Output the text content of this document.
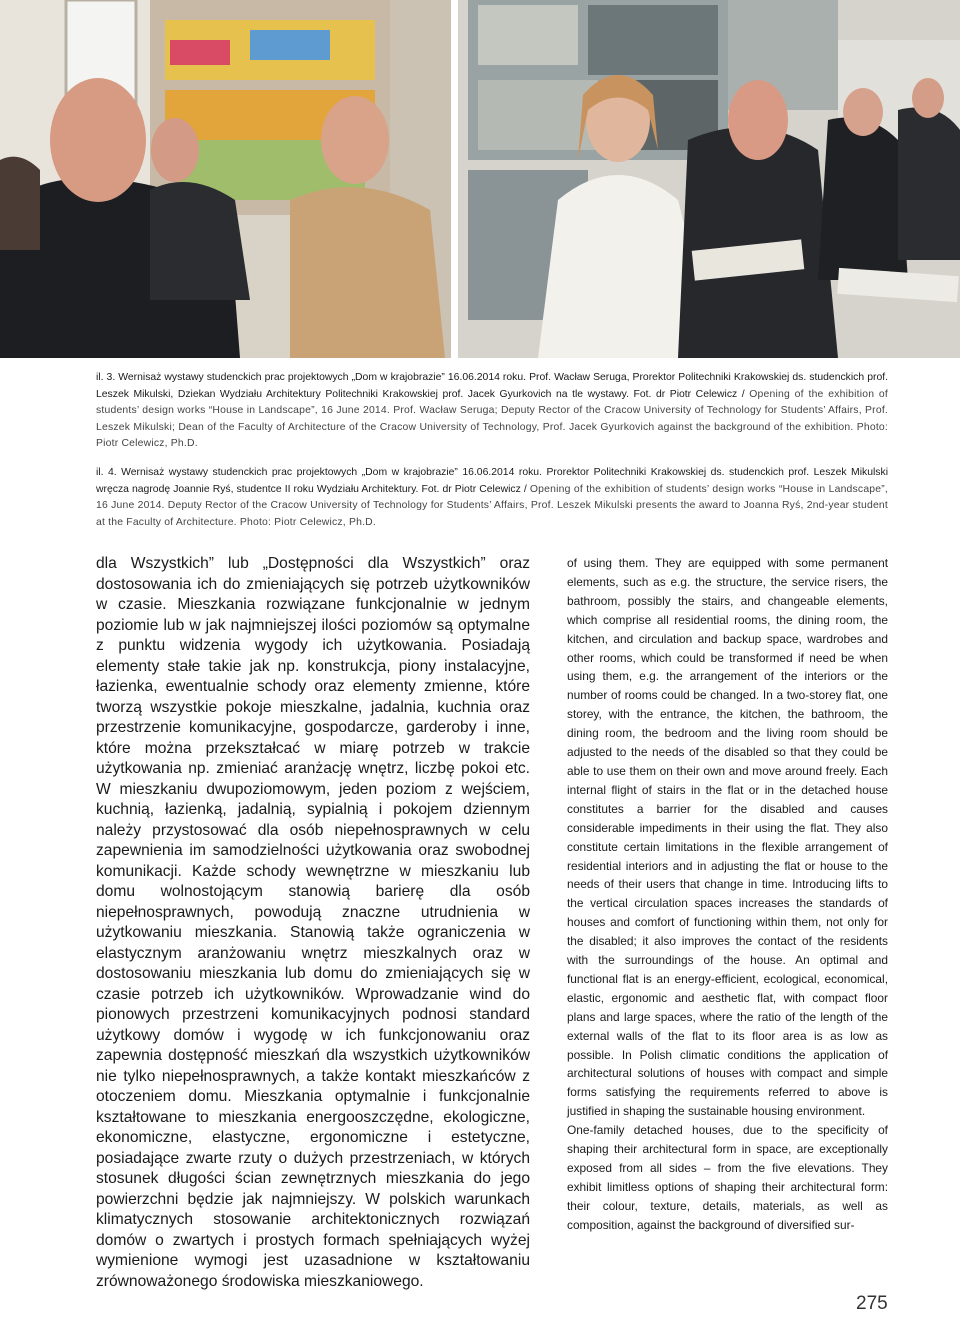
il. 3. Wernisaż wystawy studenckich prac projektowych „Dom w krajobrazie” 16.06.2014 roku. Prof. Wacław Seruga, Prorektor Politechniki Krakowskiej ds. studenckich prof. Leszek Mikulski, Dziekan Wydziału Architektury Politechniki Krakowskiej prof. Jacek Gyurkovich na tle wystawy. Fot. dr Piotr Celewicz / Opening of the exhibition of students’ design works “House in Landscape”, 16 June 2014. Prof. Wacław Seruga; Deputy Rector of the Cracow University of Technology for Students’ Affairs, Prof. Leszek Mikulski; Dean of the Faculty of Architecture of the Cracow University of Technology, Prof. Jacek Gyurkovich against the background of the exhibition. Photo: Piotr Celewicz, Ph.D.

il. 4. Wernisaż wystawy studenckich prac projektowych „Dom w krajobrazie” 16.06.2014 roku. Prorektor Politechniki Krakowskiej ds. studenckich prof. Leszek Mikulski wręcza nagrodę Joannie Ryś, studentce II roku Wydziału Architektury. Fot. dr Piotr Celewicz / Opening of the exhibition of students’ design works “House in Landscape”, 16 June 2014. Deputy Rector of the Cracow University of Technology for Students’ Affairs, Prof. Leszek Mikulski presents the award to Joanna Ryś, 2nd-year student at the Faculty of Architecture. Photo: Piotr Celewicz, Ph.D.

dla Wszystkich” lub „Dostępności dla Wszystkich” oraz dostosowania ich do zmieniających się potrzeb użytkowników w czasie. Mieszkania rozwiązane funkcjonalnie w jednym poziomie lub w jak najmniejszej ilości poziomów są optymalne z punktu widzenia wygody ich użytkowania. Posiadają elementy stałe takie jak np. konstrukcja, piony instalacyjne, łazienka, ewentualnie schody oraz elementy zmienne, które tworzą wszystkie pokoje mieszkalne, jadalnia, kuchnia oraz przestrzenie komunikacyjne, gospodarcze, garderoby i inne, które można przekształcać w miarę potrzeb w trakcie użytkowania np. zmieniać aranżację wnętrz, liczbę pokoi etc. W mieszkaniu dwupoziomowym, jeden poziom z wejściem, kuchnią, łazienką, jadalnią, sypialnią i pokojem dziennym należy przystosować dla osób niepełnosprawnych w celu zapewnienia im samodzielności użytkowania oraz swobodnej komunikacji. Każde schody wewnętrzne w mieszkaniu lub domu wolnostojącym stanowią barierę dla osób niepełnosprawnych, powodują znaczne utrudnienia w użytkowaniu mieszkania. Stanowią także ograniczenia w elastycznym aranżowaniu wnętrz mieszkalnych oraz w dostosowaniu mieszkania lub domu do zmieniających się w czasie potrzeb ich użytkowników. Wprowadzanie wind do pionowych przestrzeni komunikacyjnych podnosi standard użytkowy domów i wygodę w ich funkcjonowaniu oraz zapewnia dostępność mieszkań dla wszystkich użytkowników nie tylko niepełnosprawnych, a także kontakt mieszkańców z otoczeniem domu. Mieszkania optymalnie i funkcjonalnie kształtowane to mieszkania energooszczędne, ekologiczne, ekonomiczne, elastyczne, ergonomiczne i estetyczne, posiadające zwarte rzuty o dużych przestrzeniach, w których stosunek długości ścian zewnętrznych mieszkania do jego powierzchni będzie jak najmniejszy. W polskich warunkach klimatycznych stosowanie architektonicznych rozwiązań domów o zwartych i prostych formach spełniających wyżej wymienione wymogi jest uzasadnione w kształtowaniu zrównoważonego środowiska mieszkaniowego.

of using them. They are equipped with some permanent elements, such as e.g. the structure, the service risers, the bathroom, possibly the stairs, and changeable elements, which comprise all residential rooms, the dining room, the kitchen, and circulation and backup space, wardrobes and other rooms, which could be transformed if need be when using them, e.g. the arrangement of the interiors or the number of rooms could be changed. In a two-storey flat, one storey, with the entrance, the kitchen, the bathroom, the dining room, the bedroom and the living room should be adjusted to the needs of the disabled so that they could be able to use them on their own and move around freely. Each internal flight of stairs in the flat or in the detached house constitutes a barrier for the disabled and causes considerable impediments in their using the flat. They also constitute certain limitations in the flexible arrangement of residential interiors and in adjusting the flat or house to the needs of their users that change in time. Introducing lifts to the vertical circulation spaces increases the standards of houses and comfort of functioning within them, not only for the disabled; it also improves the contact of the residents with the surroundings of the house. An optimal and functional flat is an energy-efficient, ecological, economical, elastic, ergonomic and aesthetic flat, with compact floor plans and large spaces, where the ratio of the length of the external walls of the flat to its floor area is as low as possible. In Polish climatic conditions the application of architectural solutions of houses with compact and simple forms satisfying the requirements referred to above is justified in shaping the sustainable housing environment.

One-family detached houses, due to the specificity of shaping their architectural form in space, are exceptionally exposed from all sides – from the five elevations. They exhibit limitless options of shaping their architectural form: their colour, texture, details, materials, as well as composition, against the background of diversified sur-

275
